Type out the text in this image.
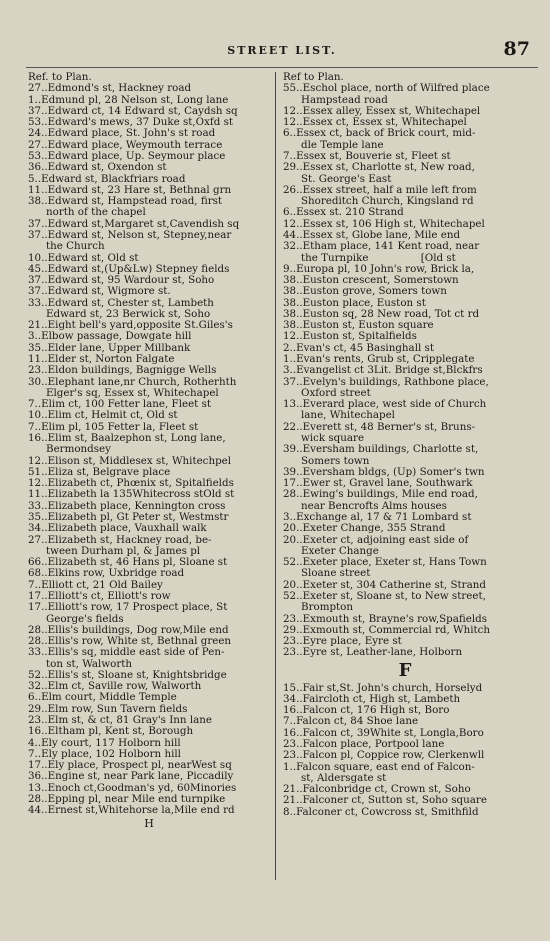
STREET LIST.	87
Ref. to Plan.
27..Edmond's st, Hackney road
1..Edmund pl, 28 Nelson st, Long lane
37..Edward ct, 14 Edward st, Caydsh sq
53..Edward's mews, 37 Duke st,Oxfd st
24..Edward place, St. John's st road
27..Edward place, Weymouth terrace
53..Edward place, Up. Seymour place
36..Edward st, Oxendon st
5..Edward st, Blackfriars road
11..Edward st, 23 Hare st, Bethnal grn
38..Edward st, Hampstead road, first
north of the chapel
37..Edward st,Margaret st,Cavendish sq
37..Edward st, Nelson st, Stepney,near
the Church
10..Edward st, Old st
45..Edward st,(Up&Lw) Stepney fields
37..Edward st, 95 Wardour st, Soho
37..Edward st, Wigmore st.
33..Edward st, Chester st, Lambeth
Edward st, 23 Berwick st, Soho
21..Eight bell's yard,opposite St.Giles's
3..Elbow passage, Dowgate hill
35..Elder lane, Upper Millbank
11..Elder st, Norton Falgate
23..Eldon buildings, Bagnigge Wells
30..Elephant lane,nr Church, Rotherhth
Elger's sq, Essex st, Whitechapel
7..Elim ct, 100 Fetter lane, Fleet st
10..Elim ct, Helmit ct, Old st
7..Elim pl, 105 Fetter la, Fleet st
16..Elim st, Baalzephon st, Long lane,
Bermondsey
12..Elison st, Middlesex st, Whitechpel
51..Eliza st, Belgrave place
12..Elizabeth ct, Phœnix st, Spitalfields
11..Elizabeth la 135Whitecross stOld st
33..Elizabeth place, Kennington cross
35..Elizabeth pl, Gt Peter st, Westmstr
34..Elizabeth place, Vauxhall walk
27..Elizabeth st, Hackney road, be-
tween Durham pl, & James pl
66..Elizabeth st, 46 Hans pl, Sloane st
68..Elkins row, Uxbridge road
7..Elliott ct, 21 Old Bailey
17..Elliott's ct, Elliott's row
17..Elliott's row, 17 Prospect place, St
George's fields
28..Ellis's buildings, Dog row,Mile end
28..Ellis's row, White st, Bethnal green
33..Ellis's sq, middle east side of Pen-
ton st, Walworth
52..Ellis's st, Sloane st, Knightsbridge
32..Elm ct, Saville row, Walworth
6..Elm court, Middle Temple
29..Elm row, Sun Tavern fields
23..Elm st, & ct, 81 Gray's Inn lane
16..Eltham pl, Kent st, Borough
4..Ely court, 117 Holborn hill
7..Ely place, 102 Holborn hill
17..Ely place, Prospect pl, nearWest sq
36..Engine st, near Park lane, Piccadily
13..Enoch ct,Goodman's yd, 60Minories
28..Epping pl, near Mile end turnpike
44..Ernest st,Whitehorse la,Mile end rd
H
Ref to Plan.
55..Eschol place, north of Wilfred place
Hampstead road
12..Essex alley, Essex st, Whitechapel
12..Essex ct, Essex st, Whitechapel
6..Essex ct, back of Brick court, mid-
dle Temple lane
7..Essex st, Bouverie st, Fleet st
29..Essex st, Charlotte st, New road,
St. George's East
26..Essex street, half a mile left from
Shoreditch Church, Kingsland rd
6..Essex st. 210 Strand
12..Essex st, 106 High st, Whitechapel
44..Essex st, Globe lane, Mile end
32..Etham place, 141 Kent road, near
the Turnpike                [Old st
9..Europa pl, 10 John's row, Brick la,
38..Euston crescent, Somerstown
38..Euston grove, Somers town
38..Euston place, Euston st
38..Euston sq, 28 New road, Tot ct rd
38..Euston st, Euston square
12..Euston st, Spitalfields
2..Evan's ct, 45 Basinghall st
1..Evan's rents, Grub st, Cripplegate
3..Evangelist ct 3Lit. Bridge st,Blckfrs
37..Evelyn's buildings, Rathbone place,
Oxford street
13..Everard place, west side of Church
lane, Whitechapel
22..Everett st, 48 Berner's st, Bruns-
wick square
39..Eversham buildings, Charlotte st,
Somers town
39..Eversham bldgs, (Up) Somer's twn
17..Ewer st, Gravel lane, Southwark
28..Ewing's buildings, Mile end road,
near Bencrofts Alms houses
3..Exchange al, 17 & 71 Lombard st
20..Exeter Change, 355 Strand
20..Exeter ct, adjoining east side of
Exeter Change
52..Exeter place, Exeter st, Hans Town
Sloane street
20..Exeter st, 304 Catherine st, Strand
52..Exeter st, Sloane st, to New street,
Brompton
23..Exmouth st, Brayne's row,Spafields
29..Exmouth st, Commercial rd, Whitch
23..Eyre place, Eyre st
23..Eyre st, Leather-lane, Holborn
F
15..Fair st,St. John's church, Horselyd
34..Faircloth ct, High st, Lambeth
16..Falcon ct, 176 High st, Boro
7..Falcon ct, 84 Shoe lane
16..Falcon ct, 39White st, Longla,Boro
23..Falcon place, Portpool lane
23..Falcon pl, Coppice row, Clerkenwll
1..Falcon square, east end of Falcon-
st, Aldersgate st
21..Falconbridge ct, Crown st, Soho
21..Falconer ct, Sutton st, Soho square
8..Falconer ct, Cowcross st, Smithfild
